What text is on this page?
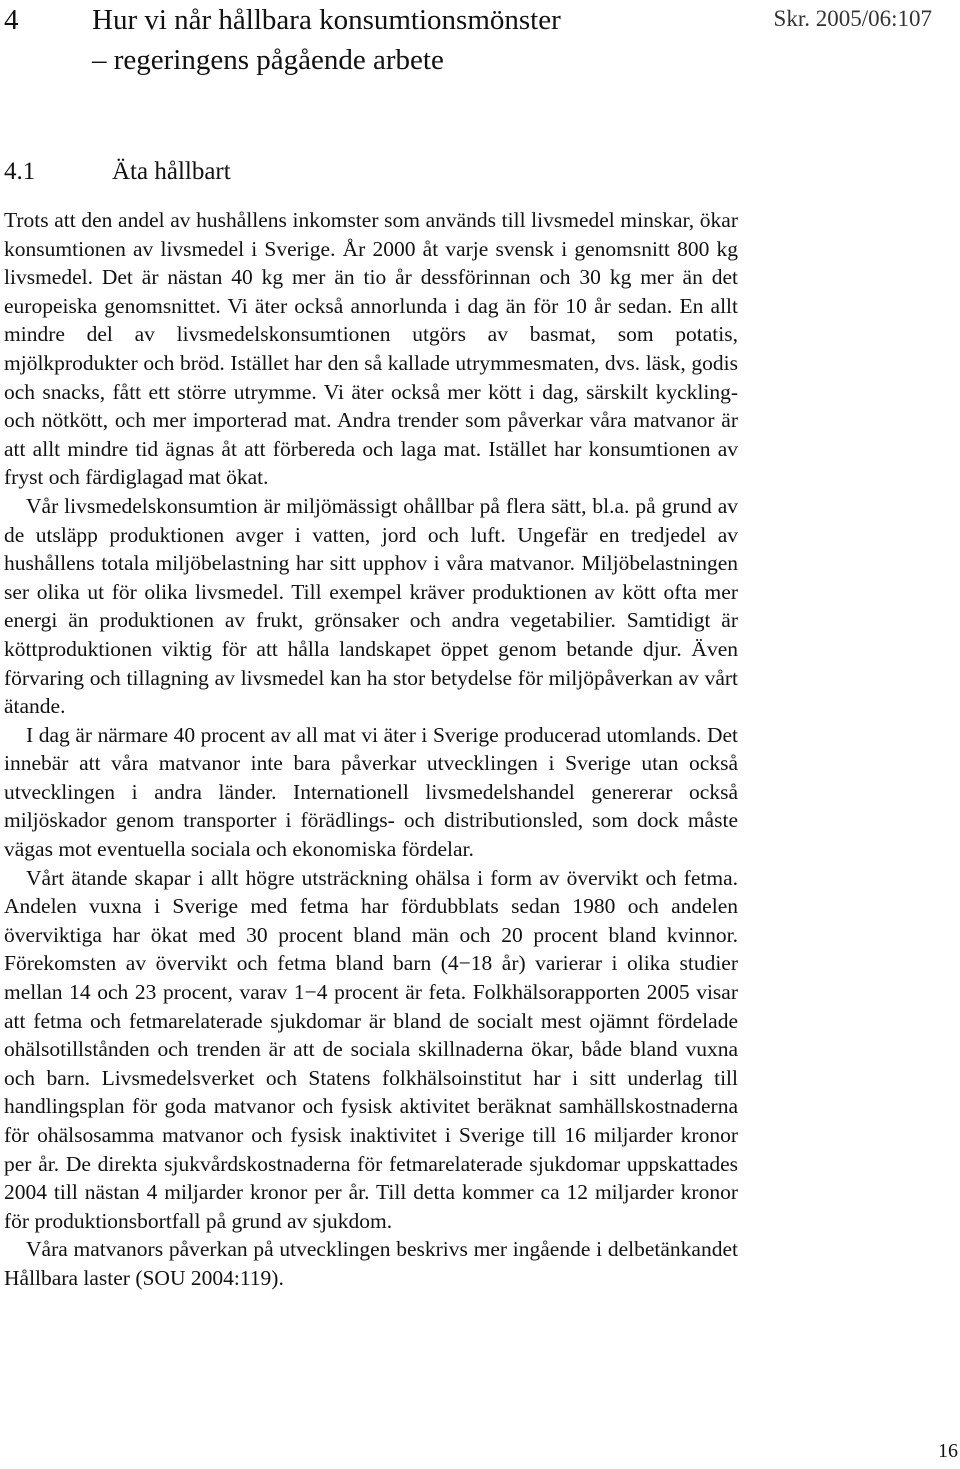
4	Hur vi når hållbara konsumtionsmönster
– regeringens pågående arbete
Skr. 2005/06:107
4.1	Äta hållbart

Trots att den andel av hushållens inkomster som används till livsmedel minskar, ökar konsumtionen av livsmedel i Sverige. År 2000 åt varje svensk i genomsnitt 800 kg livsmedel. Det är nästan 40 kg mer än tio år dessförinnan och 30 kg mer än det europeiska genomsnittet. Vi äter också annorlunda i dag än för 10 år sedan. En allt mindre del av livsmedelskonsumtionen utgörs av basmat, som potatis, mjölkprodukter och bröd. Istället har den så kallade utrymmesmaten, dvs. läsk, godis och snacks, fått ett större utrymme. Vi äter också mer kött i dag, särskilt kyckling- och nötkött, och mer importerad mat. Andra trender som påverkar våra matvanor är att allt mindre tid ägnas åt att förbereda och laga mat. Istället har konsumtionen av fryst och färdiglagad mat ökat.

Vår livsmedelskonsumtion är miljömässigt ohållbar på flera sätt, bl.a. på grund av de utsläpp produktionen avger i vatten, jord och luft. Ungefär en tredjedel av hushållens totala miljöbelastning har sitt upphov i våra matvanor. Miljöbelastningen ser olika ut för olika livsmedel. Till exempel kräver produktionen av kött ofta mer energi än produktionen av frukt, grönsaker och andra vegetabilier. Samtidigt är köttproduktionen viktig för att hålla landskapet öppet genom betande djur. Även förvaring och tillagning av livsmedel kan ha stor betydelse för miljöpåverkan av vårt ätande.

I dag är närmare 40 procent av all mat vi äter i Sverige producerad utomlands. Det innebär att våra matvanor inte bara påverkar utvecklingen i Sverige utan också utvecklingen i andra länder. Internationell livsmedelshandel genererar också miljöskador genom transporter i förädlings- och distributionsled, som dock måste vägas mot eventuella sociala och ekonomiska fördelar.

Vårt ätande skapar i allt högre utsträckning ohälsa i form av övervikt och fetma. Andelen vuxna i Sverige med fetma har fördubblats sedan 1980 och andelen överviktiga har ökat med 30 procent bland män och 20 procent bland kvinnor. Förekomsten av övervikt och fetma bland barn (4−18 år) varierar i olika studier mellan 14 och 23 procent, varav 1−4 procent är feta. Folkhälsorapporten 2005 visar att fetma och fetmarelaterade sjukdomar är bland de socialt mest ojämnt fördelade ohälsotillstånden och trenden är att de sociala skillnaderna ökar, både bland vuxna och barn. Livsmedelsverket och Statens folkhälsoinstitut har i sitt underlag till handlingsplan för goda matvanor och fysisk aktivitet beräknat samhällskostnaderna för ohälsosamma matvanor och fysisk inaktivitet i Sverige till 16 miljarder kronor per år. De direkta sjukvårdskostnaderna för fetmarelaterade sjukdomar uppskattades 2004 till nästan 4 miljarder kronor per år. Till detta kommer ca 12 miljarder kronor för produktionsbortfall på grund av sjukdom.

Våra matvanors påverkan på utvecklingen beskrivs mer ingående i delbetänkandet Hållbara laster (SOU 2004:119).

16
